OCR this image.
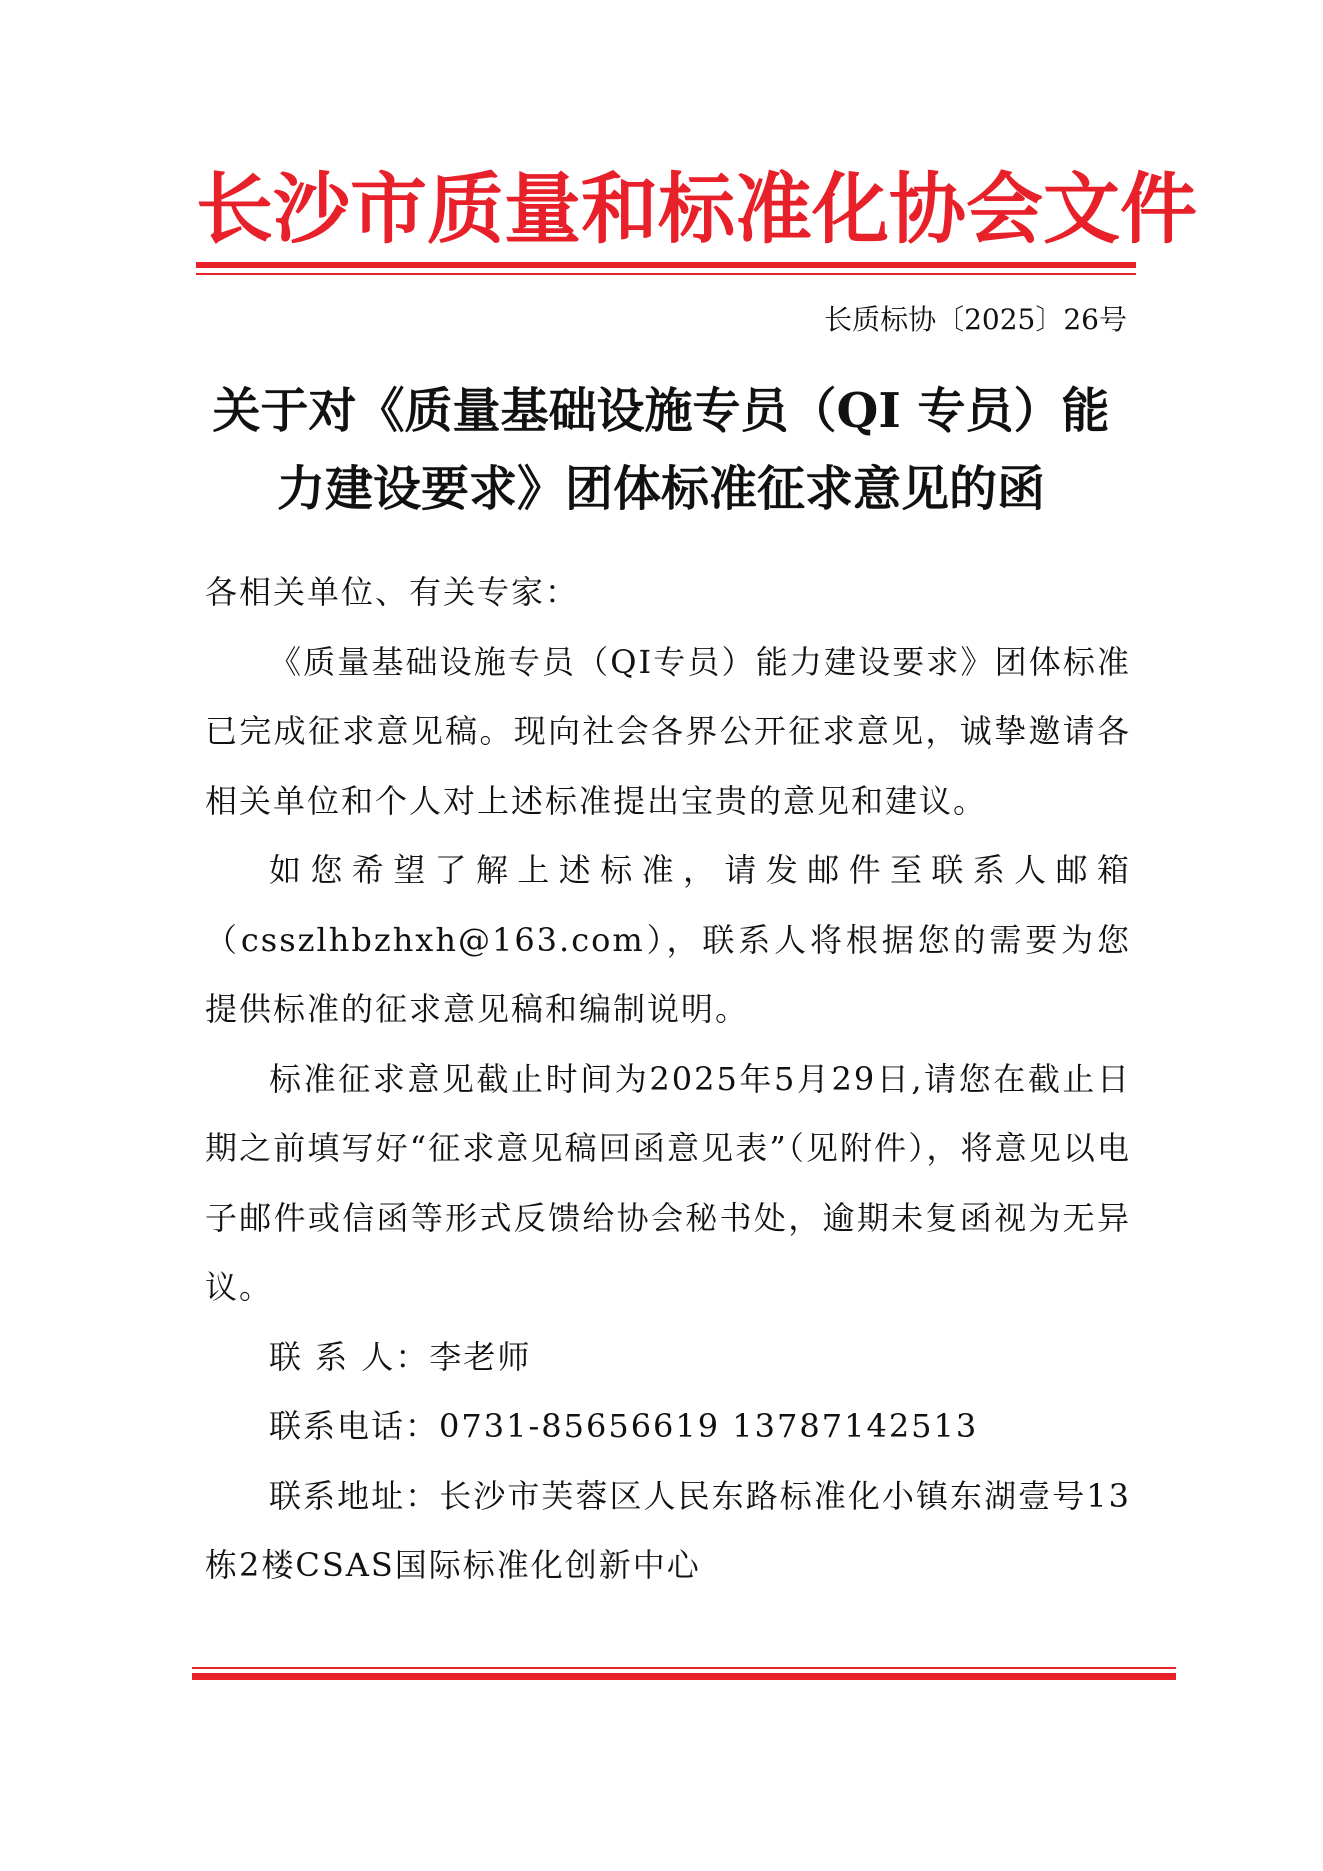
长沙市质量和标准化协会文件
长质标协〔2025〕26号
关于对《质量基础设施专员（QI 专员）能力建设要求》团体标准征求意见的函

各相关单位、有关专家：

《质量基础设施专员（QI专员）能力建设要求》团体标准已完成征求意见稿。现向社会各界公开征求意见，诚挚邀请各相关单位和个人对上述标准提出宝贵的意见和建议。

如您希望了解上述标准，请发邮件至联系人邮箱（csszlhbzhxh@163.com），联系人将根据您的需要为您提供标准的征求意见稿和编制说明。

标准征求意见截止时间为2025年5月29日,请您在截止日期之前填写好“征求意见稿回函意见表”（见附件），将意见以电子邮件或信函等形式反馈给协会秘书处，逾期未复函视为无异议。

联 系 人：李老师

联系电话：0731-85656619 13787142513

联系地址：长沙市芙蓉区人民东路标准化小镇东湖壹号13栋2楼CSAS国际标准化创新中心
